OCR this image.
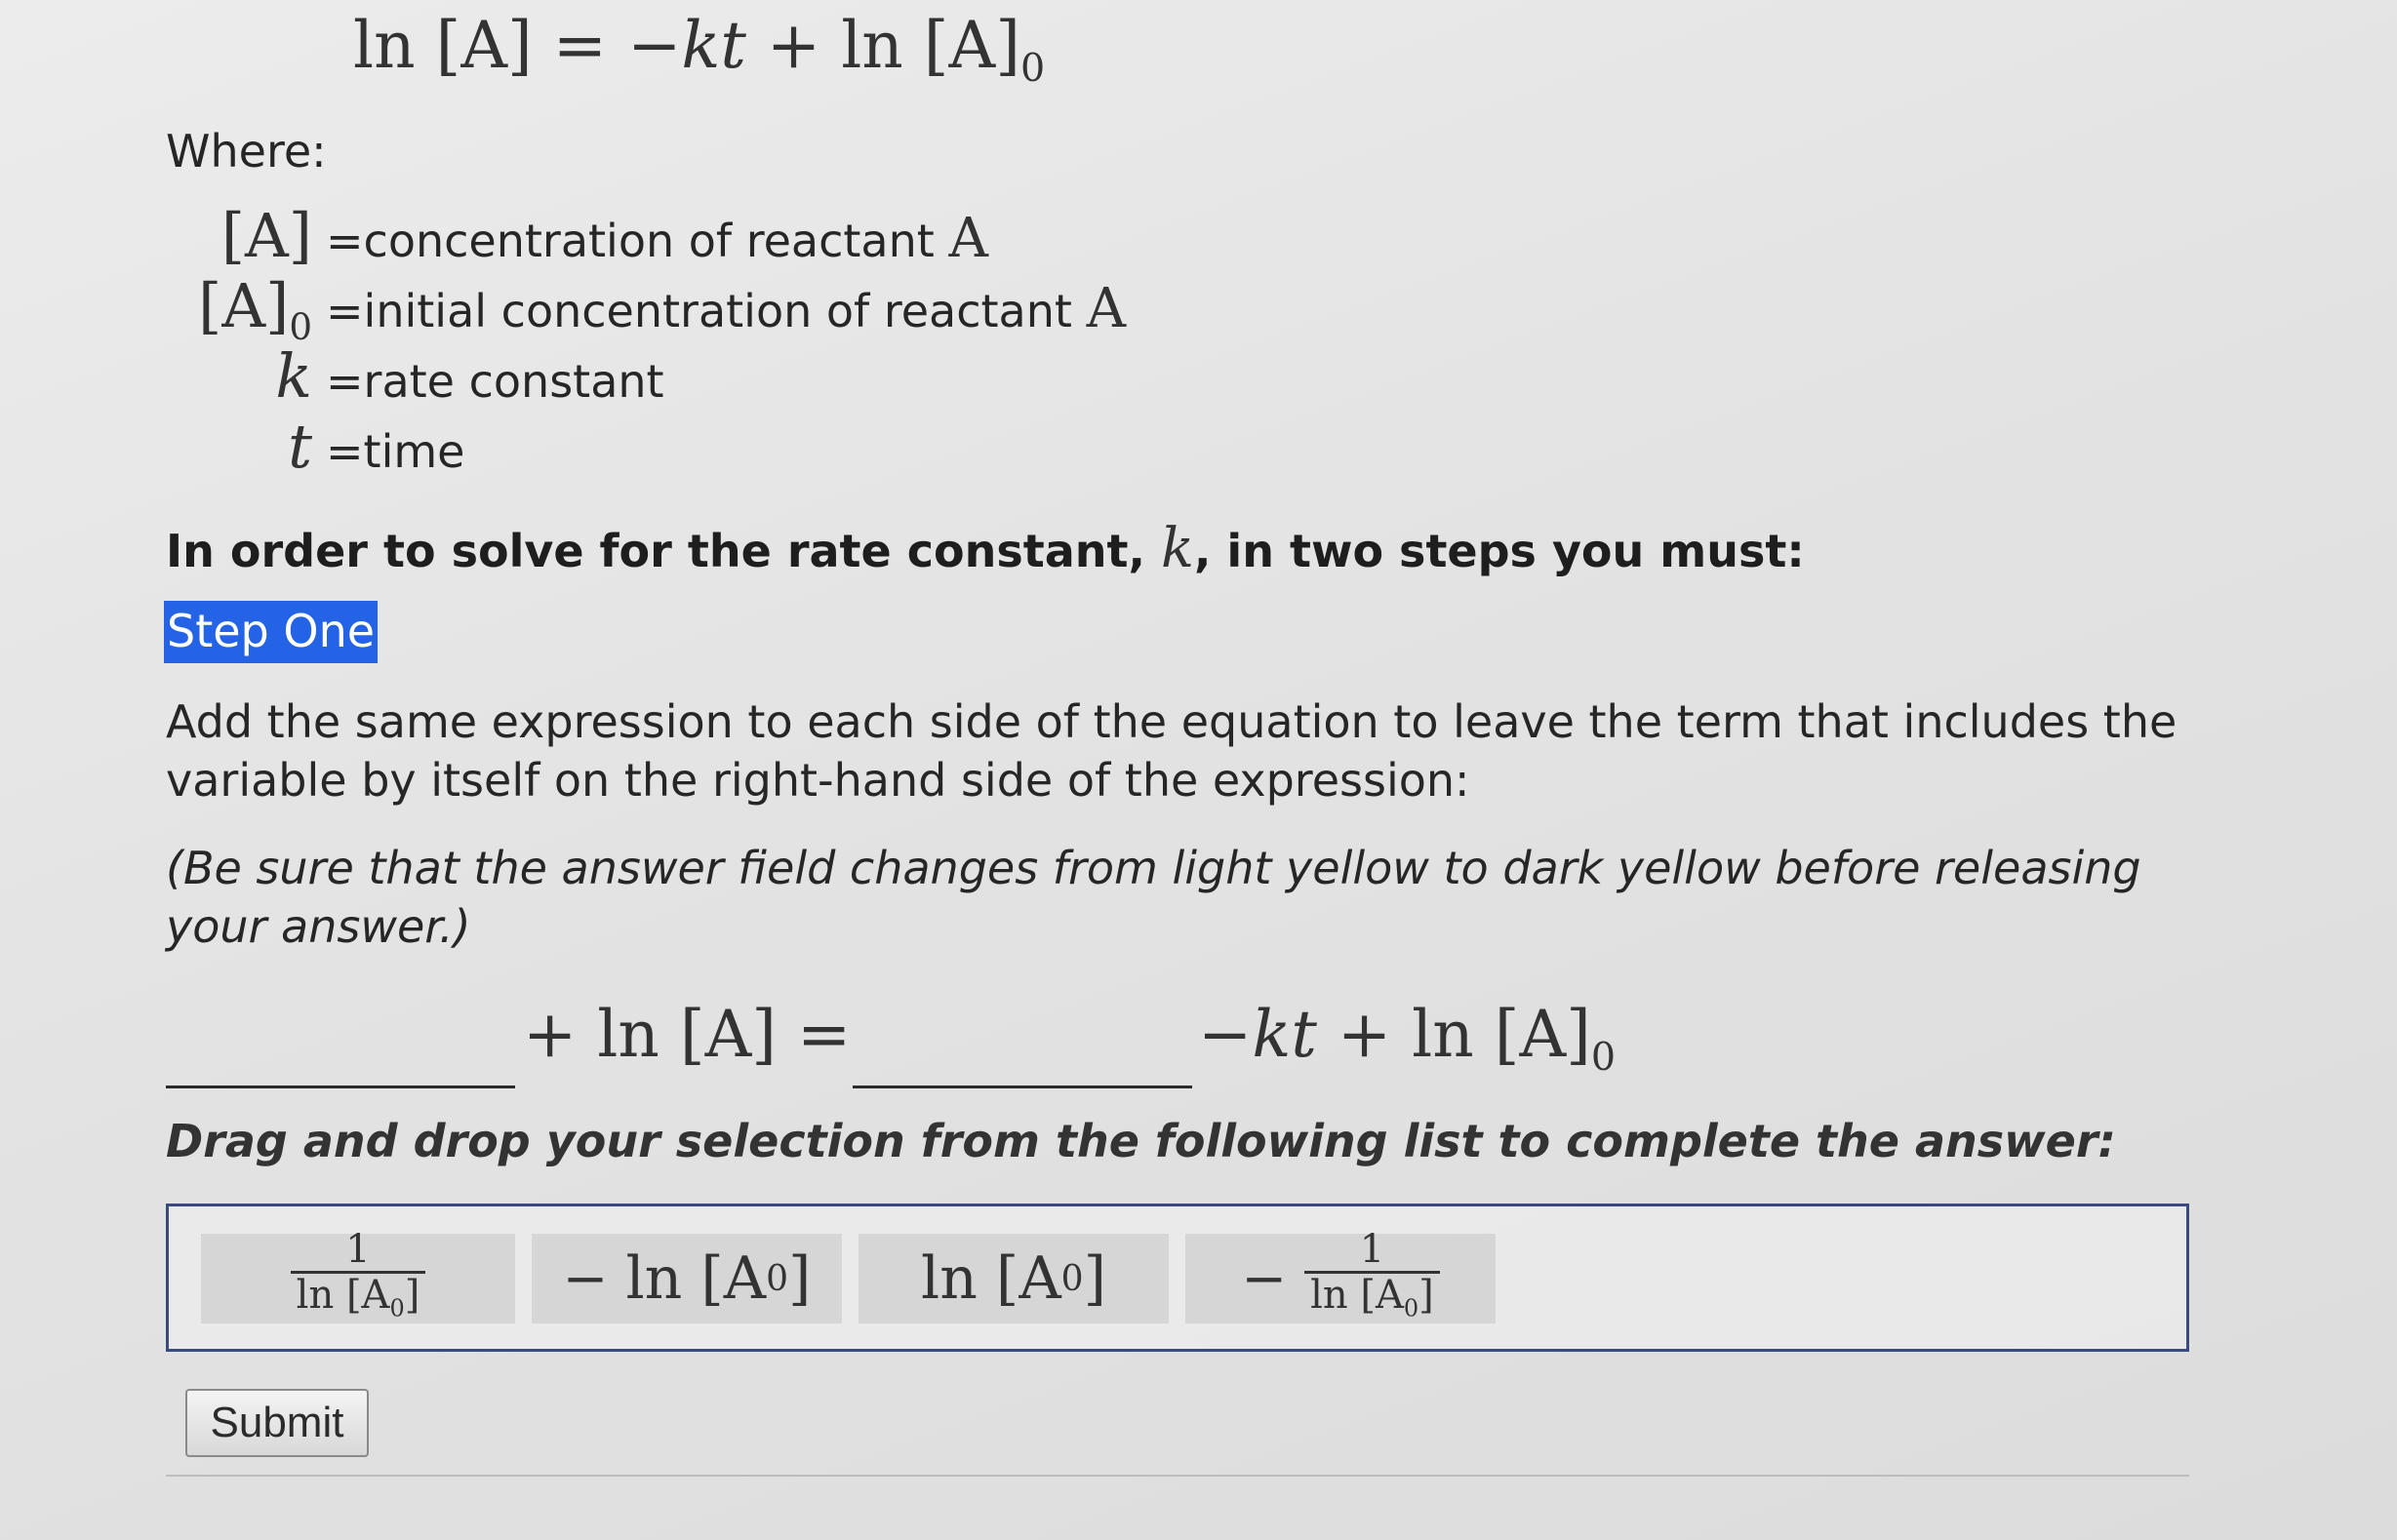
$\ln [A] = -kt + \ln [A]_0$
Where:
[A] =concentration of reactant A
$[A]_0$ =initial concentration of reactant A
k =rate constant
t =time
In order to solve for the rate constant, k, in two steps you must:
Step One
Add the same expression to each side of the equation to leave the term that includes the variable by itself on the right-hand side of the expression:
(Be sure that the answer field changes from light yellow to dark yellow before releasing your answer.)
+ ln [A] =	$-kt + \ln [A]_0$
Drag and drop your selection from the following list to complete the answer:
$\frac{1}{\ln [A_0]}$	− ln [A 0 ] ln [A 0 ] − $\frac{1}{\ln [A_0]}$
Submit
